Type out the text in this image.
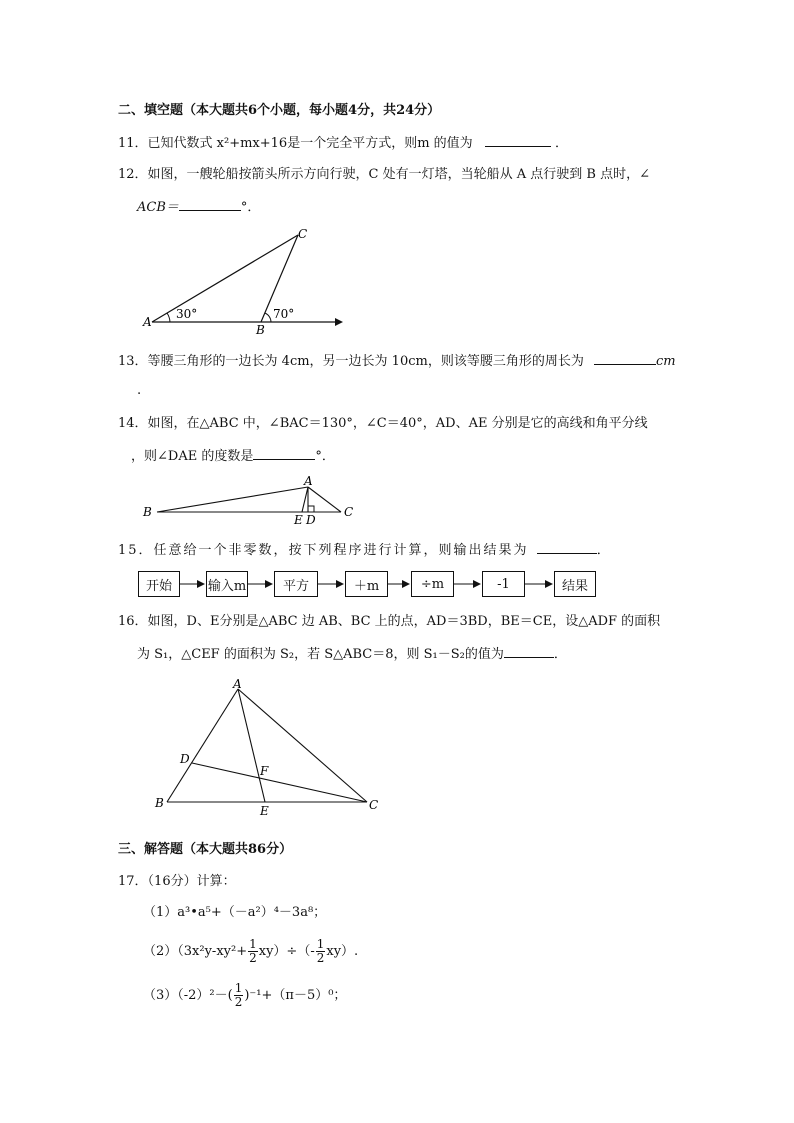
二、填空题（本大题共6个小题，每小题4分，共24分）
11．已知代数式 x²+mx+16是一个完全平方式，则m 的值为	．
12．如图，一艘轮船按箭头所示方向行驶，C 处有一灯塔，当轮船从 A 点行驶到 B 点时，∠
ACB＝	°．
A
B
C
30°	70°
13．等腰三角形的一边长为 4cm，另一边长为 10cm，则该等腰三角形的周长为	cm
.
14．如图，在△ABC 中，∠BAC＝130°，∠C＝40°，AD、AE 分别是它的高线和角平分线
，则∠DAE 的度数是	°．
B
A
C
E D
15．任意给一个非零数，按下列程序进行计算，则输出结果为	．
开始	输入m	平方	＋m	÷m	-1	结果
16．如图，D、E分别是△ABC 边 AB、BC 上的点，AD＝3BD，BE＝CE，设△ADF 的面积
为 S₁，△CEF 的面积为 S₂，若 S△ABC＝8，则 S₁－S₂的值为	．
A
B	C
D
E
F
三、解答题（本大题共86分）
17．（16分）计算：
（1）a³•a⁵+（－a²）⁴－3a⁸；
$(2)(3x^2y-xy^2+ \frac{1}{2} xy)\div(- \frac{1}{2} xy)$.
$(3)(-2)^2-( \frac{1}{2} )^{-1}+(\pi-5)^0$；
